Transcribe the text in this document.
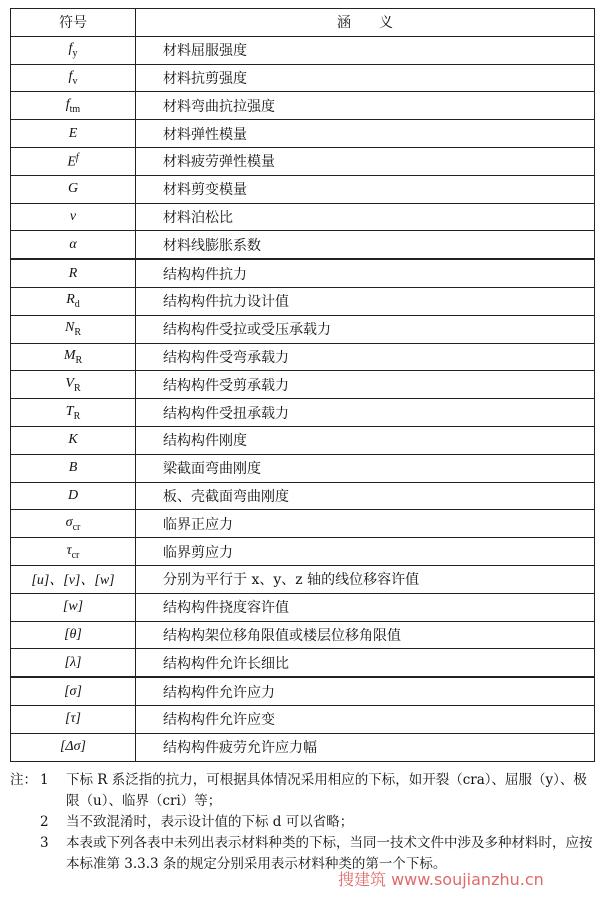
符号	涵　　义
$f_y$	材料屈服强度
$f_v$	材料抗剪强度
$f_{tm}$	材料弯曲抗拉强度
E	材料弹性模量
$E^f$	材料疲劳弹性模量
G	材料剪变模量
ν	材料泊松比
α	材料线膨胀系数
R	结构构件抗力
$R_d$	结构构件抗力设计值
$N_R$	结构构件受拉或受压承载力
$M_R$	结构构件受弯承载力
$V_R$	结构构件受剪承载力
$T_R$	结构构件受扭承载力
K	结构构件刚度
B	梁截面弯曲刚度
D	板、壳截面弯曲刚度
$\sigma_{cr}$	临界正应力
$\tau_{cr}$	临界剪应力
[u]、[v]、[w]	分别为平行于 x、y、z 轴的线位移容许值
[w]	结构构件挠度容许值
[θ]	结构构架位移角限值或楼层位移角限值
[λ]	结构构件允许长细比
[σ]	结构构件允许应力
[τ]	结构构件允许应变
[Δσ]	结构构件疲劳允许应力幅
注： 1	下标 R 系泛指的抗力，可根据具体情况采用相应的下标，如开裂（cra）、屈服（y）、极限（u）、临界（cri）等；
2	当不致混淆时，表示设计值的下标 d 可以省略；
3	本表或下列各表中未列出表示材料种类的下标，当同一技术文件中涉及多种材料时，应按本标准第 3.3.3 条的规定分别采用表示材料种类的第一个下标。
搜建筑 www.soujianzhu.cn
